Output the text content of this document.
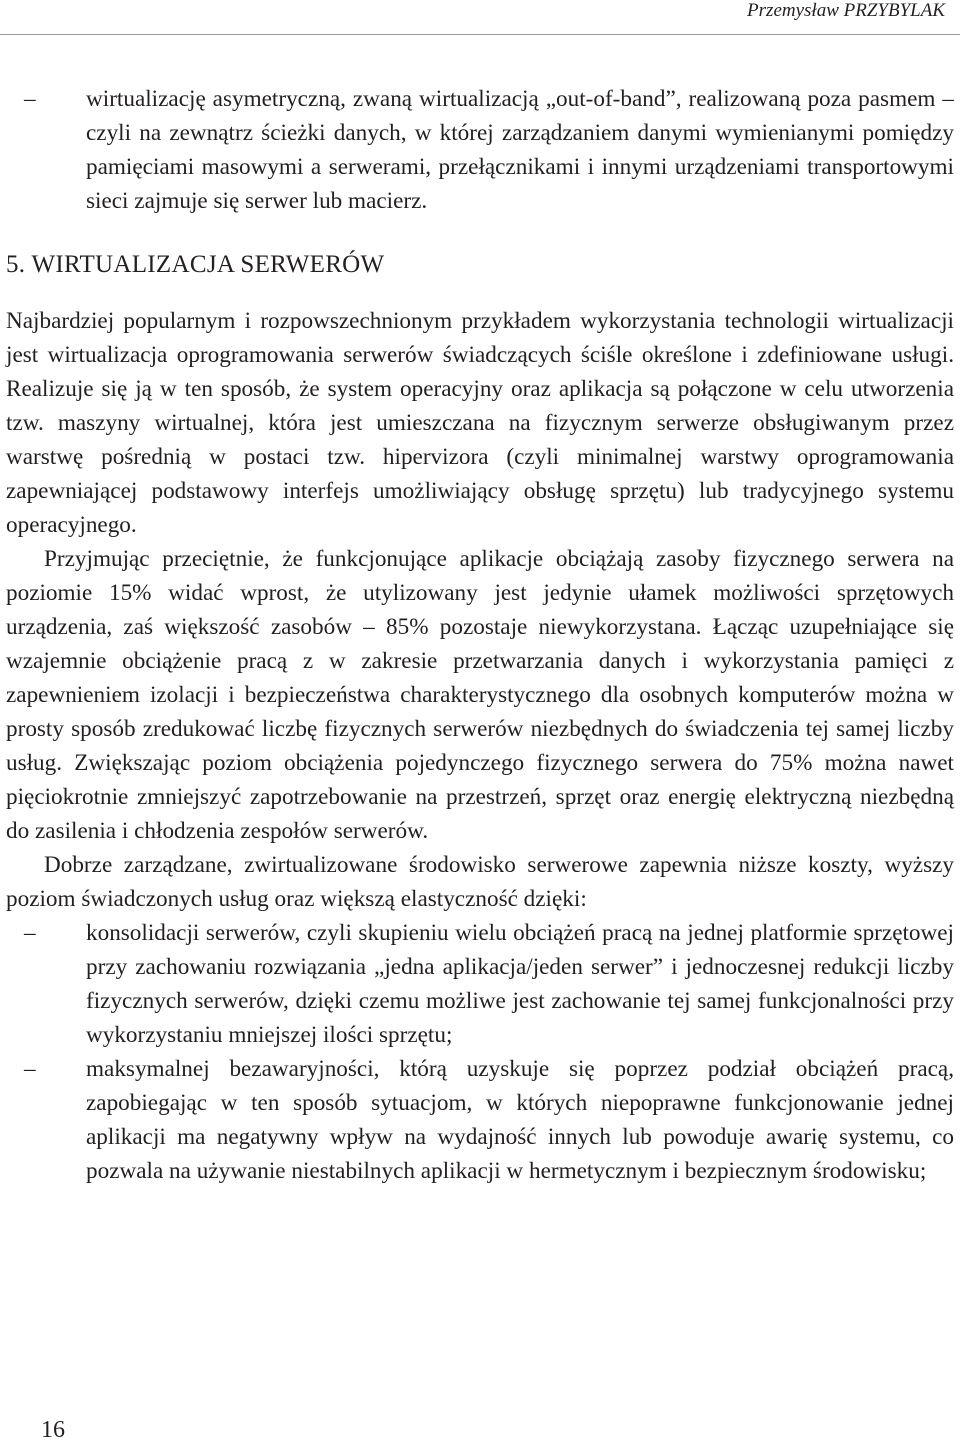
Przemysław PRZYBYLAK
– wirtualizację asymetryczną, zwaną wirtualizacją „out-of-band”, realizowaną poza pasmem – czyli na zewnątrz ścieżki danych, w której zarządzaniem danymi wymienianymi pomiędzy pamięciami masowymi a serwerami, przełącznikami i innymi urządzeniami transportowymi sieci zajmuje się serwer lub macierz.
5. WIRTUALIZACJA SERWERÓW

Najbardziej popularnym i rozpowszechnionym przykładem wykorzystania technologii wirtualizacji jest wirtualizacja oprogramowania serwerów świadczących ściśle określone i zdefiniowane usługi. Realizuje się ją w ten sposób, że system operacyjny oraz aplikacja są połączone w celu utworzenia tzw. maszyny wirtualnej, która jest umieszczana na fizycznym serwerze obsługiwanym przez warstwę pośrednią w postaci tzw. hipervizora (czyli minimalnej warstwy oprogramowania zapewniającej podstawowy interfejs umożliwiający obsługę sprzętu) lub tradycyjnego systemu operacyjnego.

Przyjmując przeciętnie, że funkcjonujące aplikacje obciążają zasoby fizycznego serwera na poziomie 15% widać wprost, że utylizowany jest jedynie ułamek możliwości sprzętowych urządzenia, zaś większość zasobów – 85% pozostaje niewykorzystana. Łącząc uzupełniające się wzajemnie obciążenie pracą z w zakresie przetwarzania danych i wykorzystania pamięci z zapewnieniem izolacji i bezpieczeństwa charakterystycznego dla osobnych komputerów można w prosty sposób zredukować liczbę fizycznych serwerów niezbędnych do świadczenia tej samej liczby usług. Zwiększając poziom obciążenia pojedynczego fizycznego serwera do 75% można nawet pięciokrotnie zmniejszyć zapotrzebowanie na przestrzeń, sprzęt oraz energię elektryczną niezbędną do zasilenia i chłodzenia zespołów serwerów.

Dobrze zarządzane, zwirtualizowane środowisko serwerowe zapewnia niższe koszty, wyższy poziom świadczonych usług oraz większą elastyczność dzięki:

– konsolidacji serwerów, czyli skupieniu wielu obciążeń pracą na jednej platformie sprzętowej przy zachowaniu rozwiązania „jedna aplikacja/jeden serwer” i jednoczesnej redukcji liczby fizycznych serwerów, dzięki czemu możliwe jest zachowanie tej samej funkcjonalności przy wykorzystaniu mniejszej ilości sprzętu;
– maksymalnej bezawaryjności, którą uzyskuje się poprzez podział obciążeń pracą, zapobiegając w ten sposób sytuacjom, w których niepoprawne funkcjonowanie jednej aplikacji ma negatywny wpływ na wydajność innych lub powoduje awarię systemu, co pozwala na używanie niestabilnych aplikacji w hermetycznym i bezpiecznym środowisku;
16
